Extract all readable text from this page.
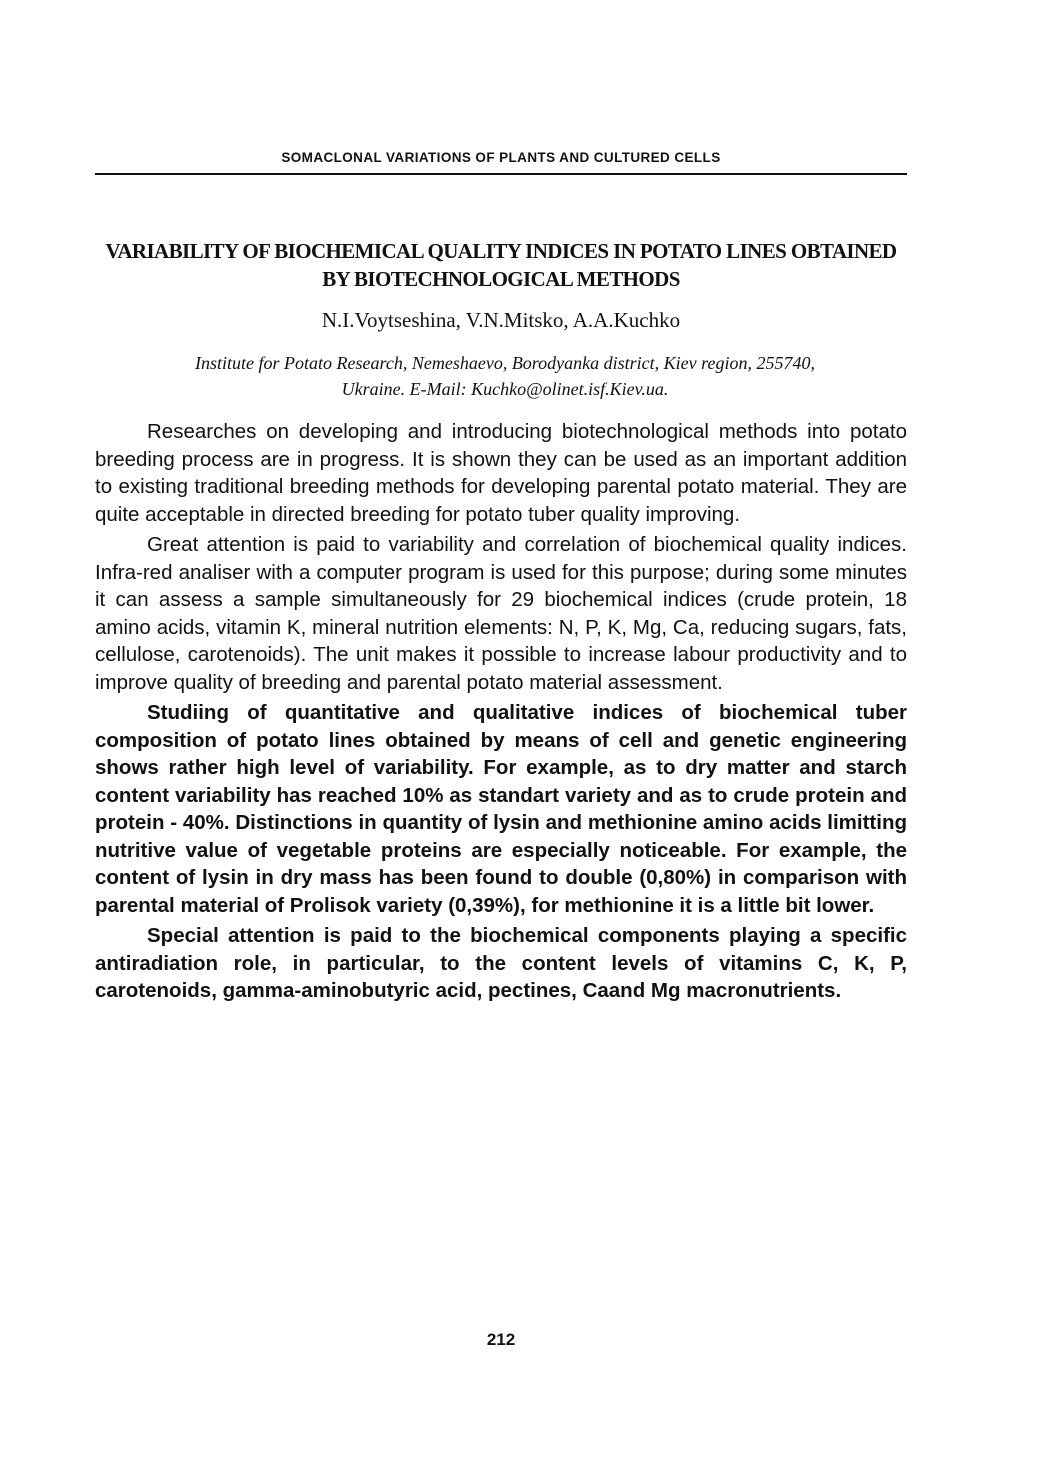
SOMACLONAL VARIATIONS OF PLANTS AND CULTURED CELLS
VARIABILITY OF BIOCHEMICAL QUALITY INDICES IN POTATO LINES OBTAINED BY BIOTECHNOLOGICAL METHODS
N.I.Voytseshina, V.N.Mitsko, A.A.Kuchko
Institute for Potato Research, Nemeshaevo, Borodyanka district, Kiev region, 255740,
Ukraine. E-Mail: Kuchko@olinet.isf.Kiev.ua.

Researches on developing and introducing biotechnological methods into potato breeding process are in progress. It is shown they can be used as an important addition to existing traditional breeding methods for developing parental potato material. They are quite acceptable in directed breeding for potato tuber quality improving.

Great attention is paid to variability and correlation of biochemical quality indices. Infra-red analiser with a computer program is used for this purpose; during some minutes it can assess a sample simultaneously for 29 biochemical indices (crude protein, 18 amino acids, vitamin K, mineral nutrition elements: N, P, K, Mg, Ca, reducing sugars, fats, cellulose, carotenoids). The unit makes it possible to increase labour productivity and to improve quality of breeding and parental potato material assessment.

Studiing of quantitative and qualitative indices of biochemical tuber composition of potato lines obtained by means of cell and genetic engineering shows rather high level of variability. For example, as to dry matter and starch content variability has reached 10% as standart variety and as to crude protein and protein - 40%. Distinctions in quantity of lysin and methionine amino acids limitting nutritive value of vegetable proteins are especially noticeable. For example, the content of lysin in dry mass has been found to double (0,80%) in comparison with parental material of Prolisok variety (0,39%), for methionine it is a little bit lower.

Special attention is paid to the biochemical components playing a specific antiradiation role, in particular, to the content levels of vitamins C, K, P, carotenoids, gamma-aminobutyric acid, pectines, Caand Mg macronutrients.

212
